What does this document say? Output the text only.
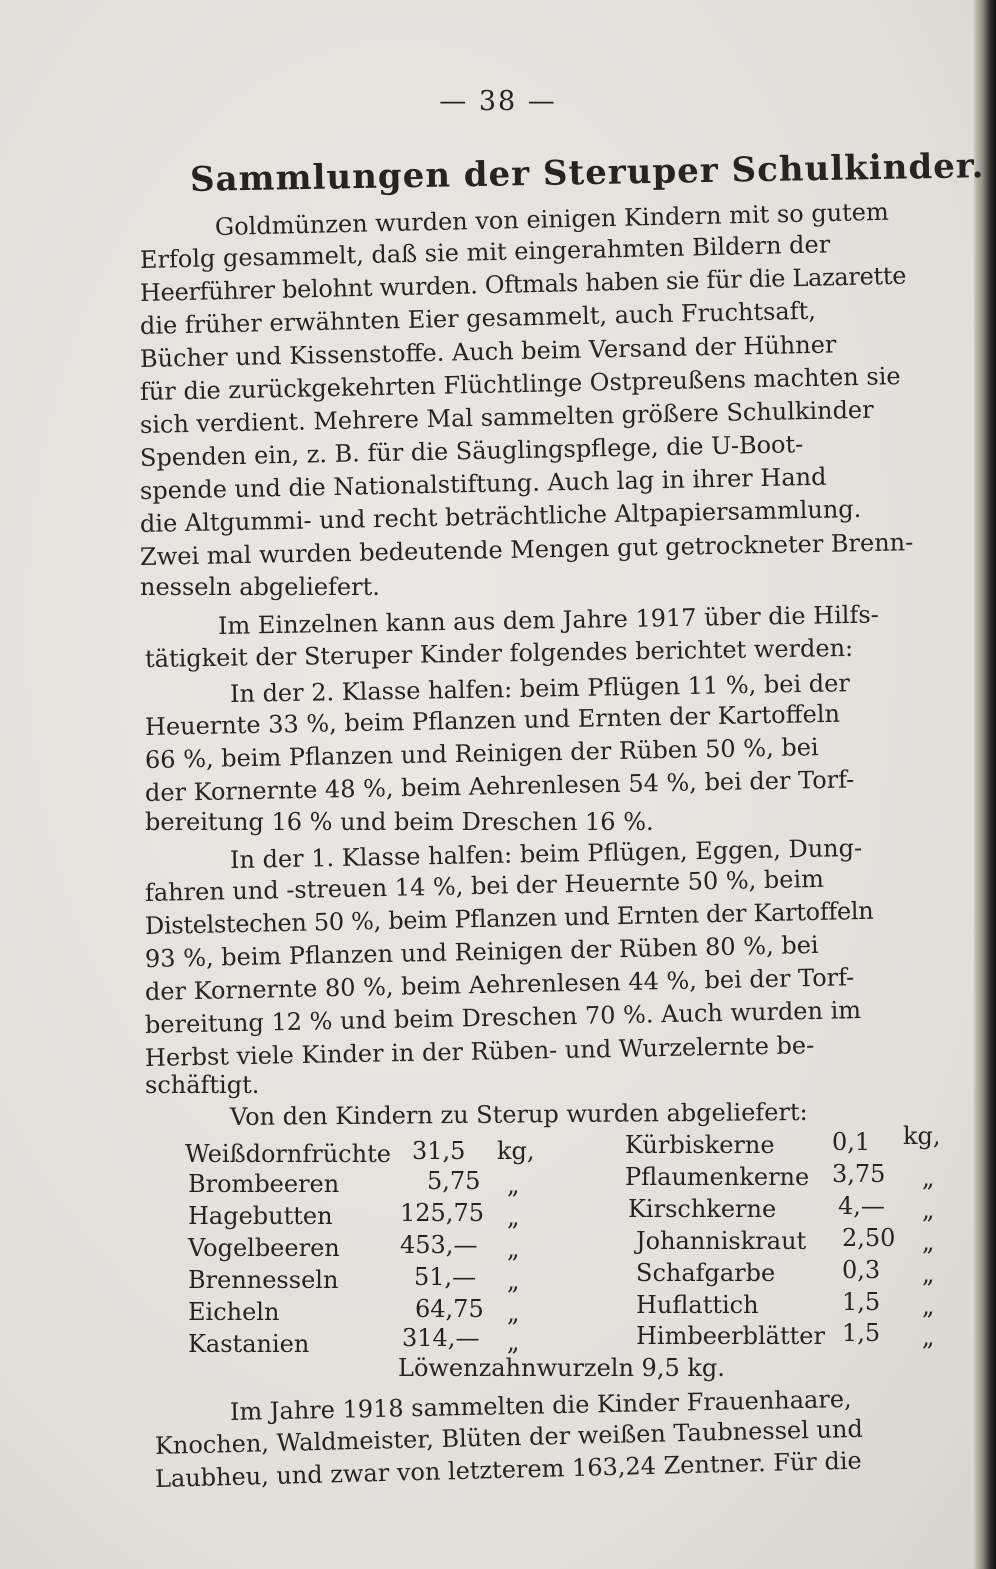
— 38 —
Sammlungen der Steruper Schulkinder.
Goldmünzen wurden von einigen Kindern mit so gutem
Erfolg gesammelt, daß sie mit eingerahmten Bildern der
Heerführer belohnt wurden. Oftmals haben sie für die Lazarette
die früher erwähnten Eier gesammelt, auch Fruchtsaft,
Bücher und Kissenstoffe. Auch beim Versand der Hühner
für die zurückgekehrten Flüchtlinge Ostpreußens machten sie
sich verdient. Mehrere Mal sammelten größere Schulkinder
Spenden ein, z. B. für die Säuglingspflege, die U-Boot-
spende und die Nationalstiftung. Auch lag in ihrer Hand
die Altgummi- und recht beträchtliche Altpapiersammlung.
Zwei mal wurden bedeutende Mengen gut getrockneter Brenn-
nesseln abgeliefert.
Im Einzelnen kann aus dem Jahre 1917 über die Hilfs-
tätigkeit der Steruper Kinder folgendes berichtet werden:
In der 2. Klasse halfen: beim Pflügen 11 %, bei der
Heuernte 33 %, beim Pflanzen und Ernten der Kartoffeln
66 %, beim Pflanzen und Reinigen der Rüben 50 %, bei
der Kornernte 48 %, beim Aehrenlesen 54 %, bei der Torf-
bereitung 16 % und beim Dreschen 16 %.
In der 1. Klasse halfen: beim Pflügen, Eggen, Dung-
fahren und -streuen 14 %, bei der Heuernte 50 %, beim
Distelstechen 50 %, beim Pflanzen und Ernten der Kartoffeln
93 %, beim Pflanzen und Reinigen der Rüben 80 %, bei
der Kornernte 80 %, beim Aehrenlesen 44 %, bei der Torf-
bereitung 12 % und beim Dreschen 70 %. Auch wurden im
Herbst viele Kinder in der Rüben- und Wurzelernte be-
schäftigt.
Von den Kindern zu Sterup wurden abgeliefert:
Weißdornfrüchte 31,5 kg,
Brombeeren	5,75 „
Hagebutten	125,75 „
Vogelbeeren	453,— „
Brennesseln	51,— „
Eicheln	64,75 „
Kastanien	314,— „
Kürbiskerne 0,1 kg,
Pflaumenkerne 3,75 „
Kirschkerne	4,— „
Johanniskraut 2,50 „
Schafgarbe	0,3 „
Huflattich	1,5 „
Himbeerblätter 1,5 „
Löwenzahnwurzeln 9,5 kg.
Im Jahre 1918 sammelten die Kinder Frauenhaare,
Knochen, Waldmeister, Blüten der weißen Taubnessel und
Laubheu, und zwar von letzterem 163,24 Zentner. Für die
